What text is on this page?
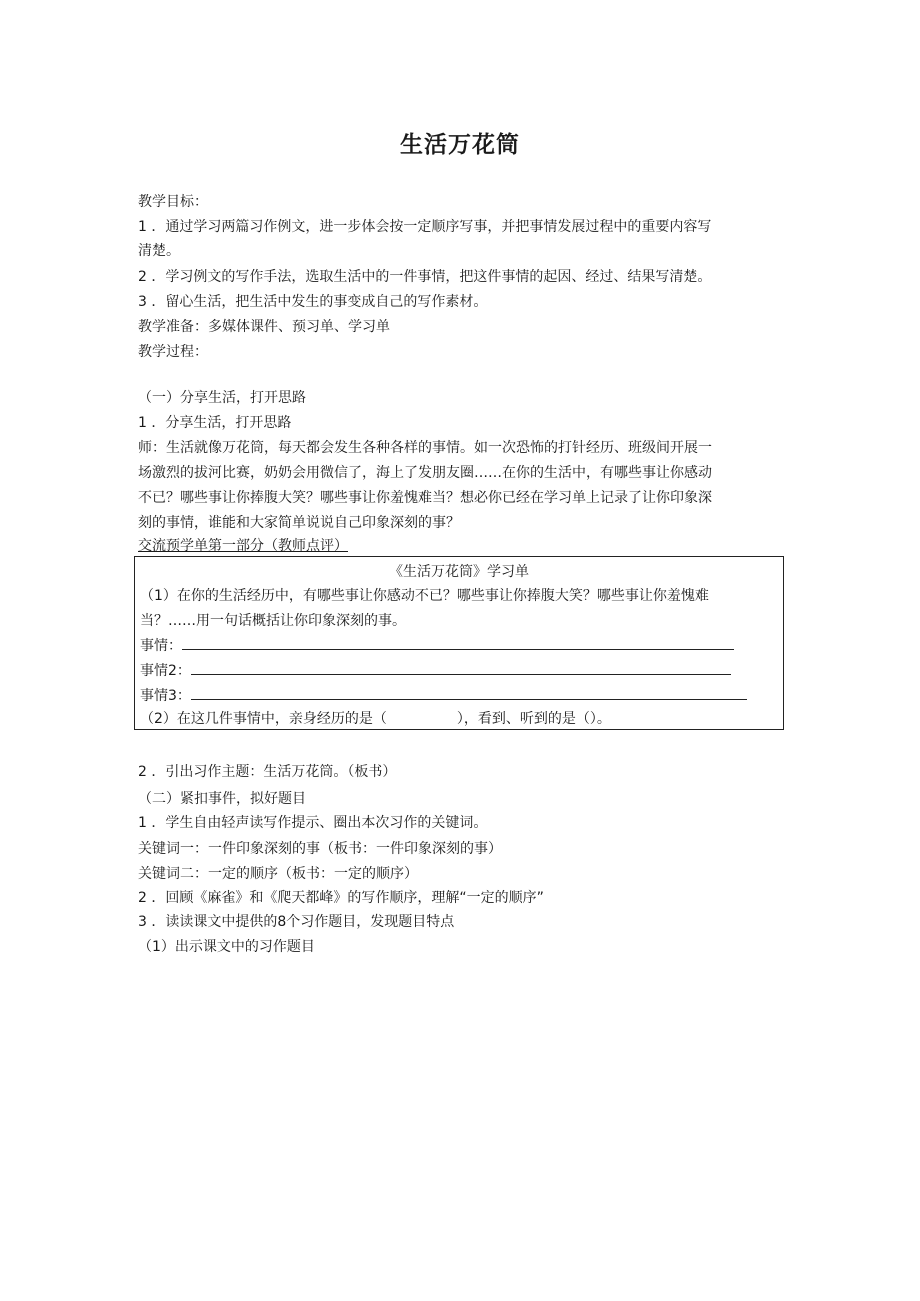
生活万花筒
教学目标：
1 ．通过学习两篇习作例文，进一步体会按一定顺序写事，并把事情发展过程中的重要内容写
清楚。
2 ．学习例文的写作手法，选取生活中的一件事情，把这件事情的起因、经过、结果写清楚。
3 ．留心生活，把生活中发生的事变成自己的写作素材。
教学准备：多媒体课件、预习单、学习单
教学过程：
（一）分享生活，打开思路
1 ．分享生活，打开思路
师：生活就像万花筒，每天都会发生各种各样的事情。如一次恐怖的打针经历、班级间开展一
场激烈的拔河比赛，奶奶会用微信了，海上了发朋友圈……在你的生活中，有哪些事让你感动
不已？哪些事让你捧腹大笑？哪些事让你羞愧难当？想必你已经在学习单上记录了让你印象深
刻的事情，谁能和大家简单说说自己印象深刻的事？
交流预学单第一部分（教师点评）
《生活万花筒》学习单
（1）在你的生活经历中，有哪些事让你感动不已？哪些事让你捧腹大笑？哪些事让你羞愧难
当？……用一句话概括让你印象深刻的事。
事情：
事情2：
事情3：
（2）在这几件事情中，亲身经历的是（　　　　　），看到、听到的是（）。
2 ．引出习作主题：生活万花筒。（板书）
（二）紧扣事件，拟好题目
1 ．学生自由轻声读写作提示、圈出本次习作的关键词。
关键词一：一件印象深刻的事（板书：一件印象深刻的事）
关键词二：一定的顺序（板书：一定的顺序）
2 ．回顾《麻雀》和《爬天都峰》的写作顺序，理解“一定的顺序”
3 ．读读课文中提供的8个习作题目，发现题目特点
（1）出示课文中的习作题目
